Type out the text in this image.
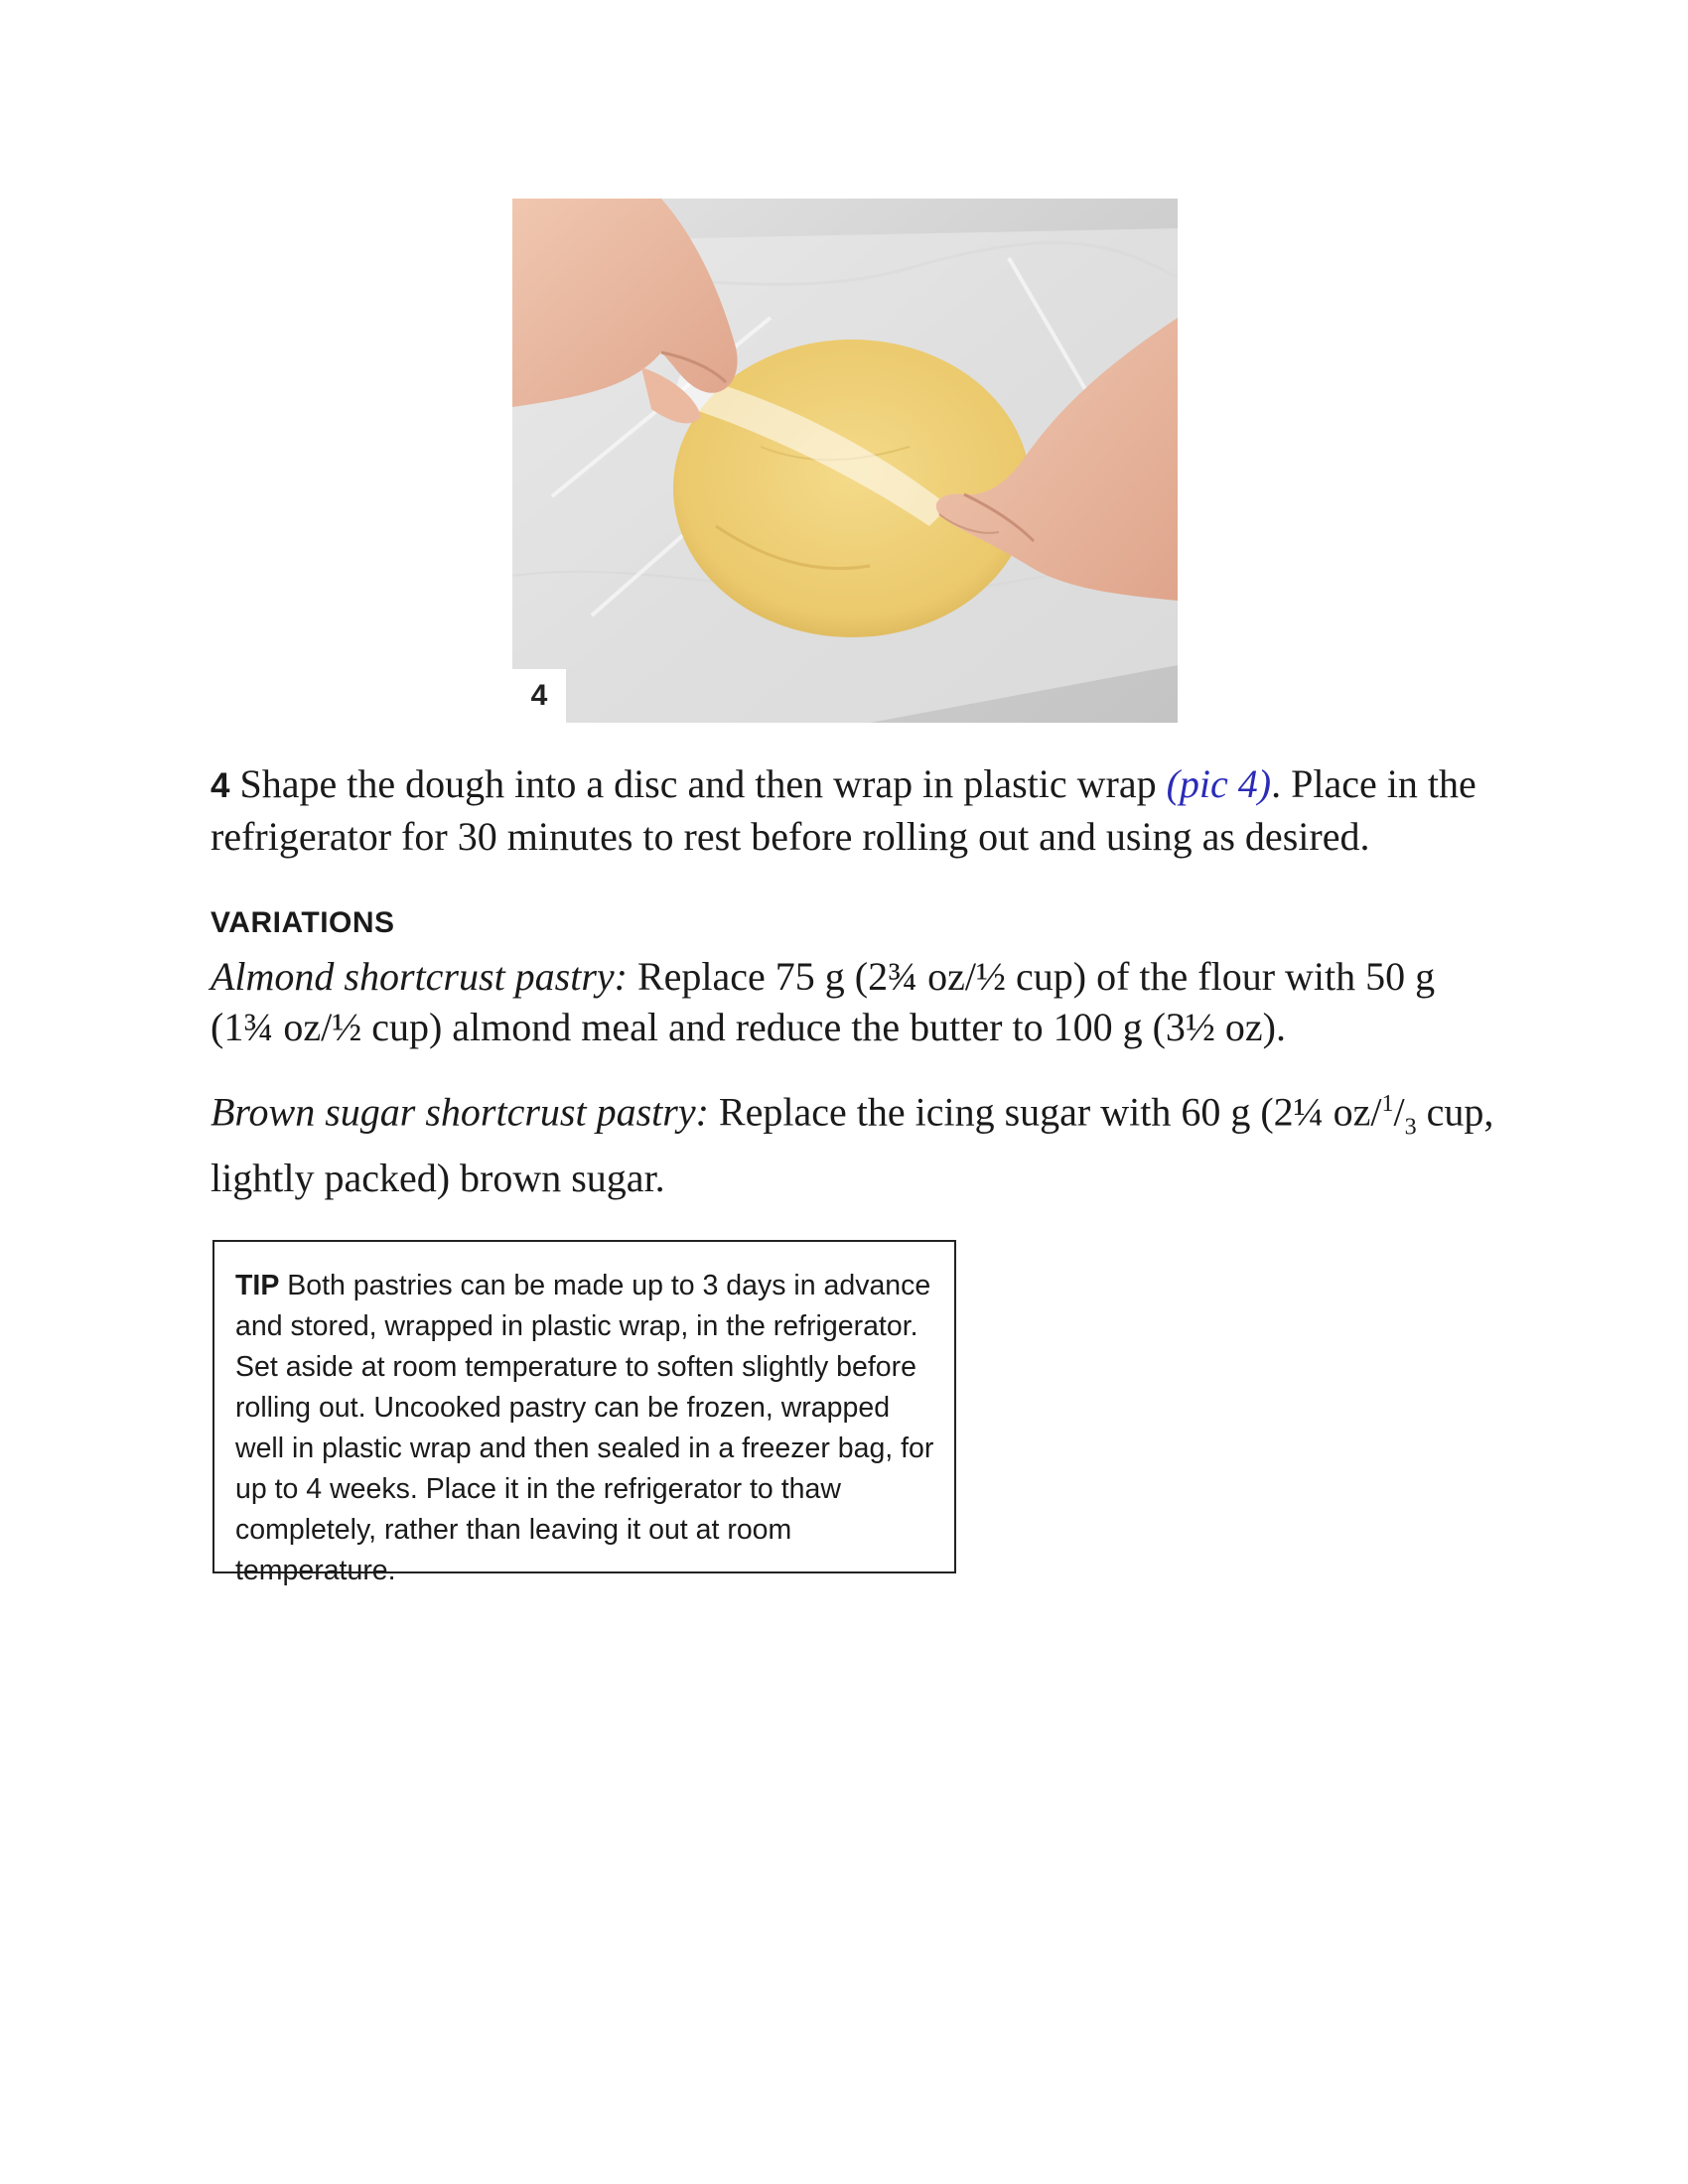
4
4 Shape the dough into a disc and then wrap in plastic wrap (pic 4). Place in the refrigerator for 30 minutes to rest before rolling out and using as desired.
VARIATIONS
Almond shortcrust pastry: Replace 75 g (2¾ oz/½ cup) of the flour with 50 g (1¾ oz/½ cup) almond meal and reduce the butter to 100 g (3½ oz).
Brown sugar shortcrust pastry: Replace the icing sugar with 60 g (2¼ $oz/^1/_3$ cup, lightly packed) brown sugar.
TIP Both pastries can be made up to 3 days in advance and stored, wrapped in plastic wrap, in the refrigerator. Set aside at room temperature to soften slightly before rolling out. Uncooked pastry can be frozen, wrapped well in plastic wrap and then sealed in a freezer bag, for up to 4 weeks. Place it in the refrigerator to thaw completely, rather than leaving it out at room temperature.
